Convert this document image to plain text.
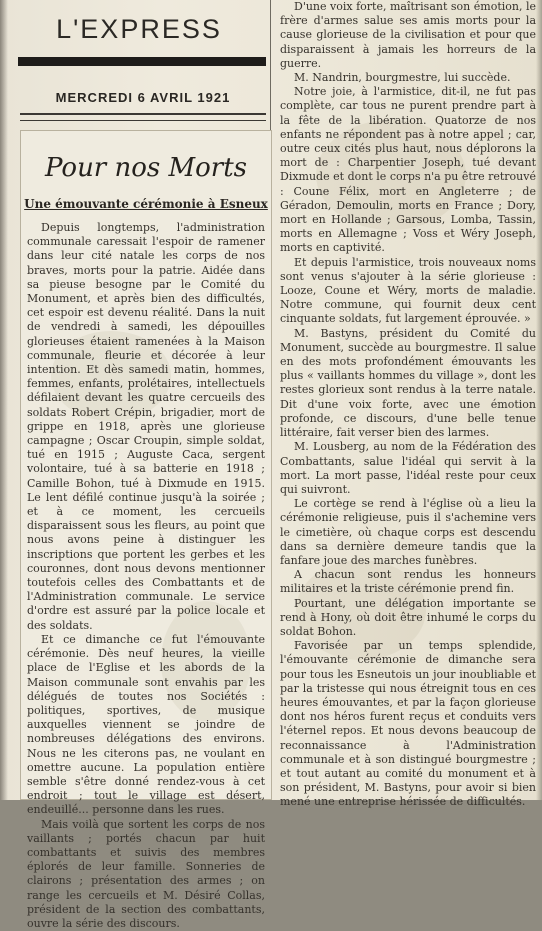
L'EXPRESS
MERCREDI 6 AVRIL 1921
Pour nos Morts
Une émouvante cérémonie à Esneux

Depuis longtemps, l'administration communale caressait l'espoir de ramener dans leur cité natale les corps de nos braves, morts pour la patrie. Aidée dans sa pieuse besogne par le Comité du Monument, et après bien des difficultés, cet espoir est devenu réalité. Dans la nuit de vendredi à samedi, les dépouilles glorieuses étaient ramenées à la Maison communale, fleurie et décorée à leur intention. Et dès samedi matin, hommes, femmes, enfants, prolétaires, intellectuels défilaient devant les quatre cercueils des soldats Robert Crépin, brigadier, mort de grippe en 1918, après une glorieuse campagne ; Oscar Croupin, simple soldat, tué en 1915 ; Auguste Caca, sergent volontaire, tué à sa batterie en 1918 ; Camille Bohon, tué à Dixmude en 1915. Le lent défilé continue jusqu'à la soirée ; et à ce moment, les cercueils disparaissent sous les fleurs, au point que nous avons peine à distinguer les inscriptions que portent les gerbes et les couronnes, dont nous devons mentionner toutefois celles des Combattants et de l'Administration communale. Le service d'ordre est assuré par la police locale et des soldats.

Et ce dimanche ce fut l'émouvante cérémonie. Dès neuf heures, la vieille place de l'Eglise et les abords de la Maison communale sont envahis par les délégués de toutes nos Sociétés : politiques, sportives, de musique auxquelles viennent se joindre de nombreuses délégations des environs. Nous ne les citerons pas, ne voulant en omettre aucune. La population entière semble s'être donné rendez-vous à cet endroit ; tout le village est désert, endeuillé... personne dans les rues.

Mais voilà que sortent les corps de nos vaillants ; portés chacun par huit combattants et suivis des membres éplorés de leur famille. Sonneries de clairons ; présentation des armes ; on range les cercueils et M. Désiré Collas, président de la section des combattants, ouvre la série des discours.

D'une voix forte, maîtrisant son émotion, le frère d'armes salue ses amis morts pour la cause glorieuse de la civilisation et pour que disparaissent à jamais les horreurs de la guerre.

M. Nandrin, bourgmestre, lui succède.

Notre joie, à l'armistice, dit-il, ne fut pas complète, car tous ne purent prendre part à la fête de la libération. Quatorze de nos enfants ne répondent pas à notre appel ; car, outre ceux cités plus haut, nous déplorons la mort de : Charpentier Joseph, tué devant Dixmude et dont le corps n'a pu être retrouvé : Coune Félix, mort en Angleterre ; de Géradon, Demoulin, morts en France ; Dory, mort en Hollande ; Garsous, Lomba, Tassin, morts en Allemagne ; Voss et Wéry Joseph, morts en captivité.

Et depuis l'armistice, trois nouveaux noms sont venus s'ajouter à la série glorieuse : Looze, Coune et Wéry, morts de maladie. Notre commune, qui fournit deux cent cinquante soldats, fut largement éprouvée. »

M. Bastyns, président du Comité du Monument, succède au bourgmestre. Il salue en des mots profondément émouvants les plus « vaillants hommes du village », dont les restes glorieux sont rendus à la terre natale. Dit d'une voix forte, avec une émotion profonde, ce discours, d'une belle tenue littéraire, fait verser bien des larmes.

M. Lousberg, au nom de la Fédération des Combattants, salue l'idéal qui servit à la mort. La mort passe, l'idéal reste pour ceux qui suivront.

Le cortège se rend à l'église où a lieu la cérémonie religieuse, puis il s'achemine vers le cimetière, où chaque corps est descendu dans sa dernière demeure tandis que la fanfare joue des marches funèbres.

A chacun sont rendus les honneurs militaires et la triste cérémonie prend fin.

Pourtant, une délégation importante se rend à Hony, où doit être inhumé le corps du soldat Bohon.

Favorisée par un temps splendide, l'émouvante cérémonie de dimanche sera pour tous les Esneutois un jour inoubliable et par la tristesse qui nous étreignit tous en ces heures émouvantes, et par la façon glorieuse dont nos héros furent reçus et conduits vers l'éternel repos. Et nous devons beaucoup de reconnaissance à l'Administration communale et à son distingué bourgmestre ; et tout autant au comité du monument et à son président, M. Bastyns, pour avoir si bien mené une entreprise hérissée de difficultés.
